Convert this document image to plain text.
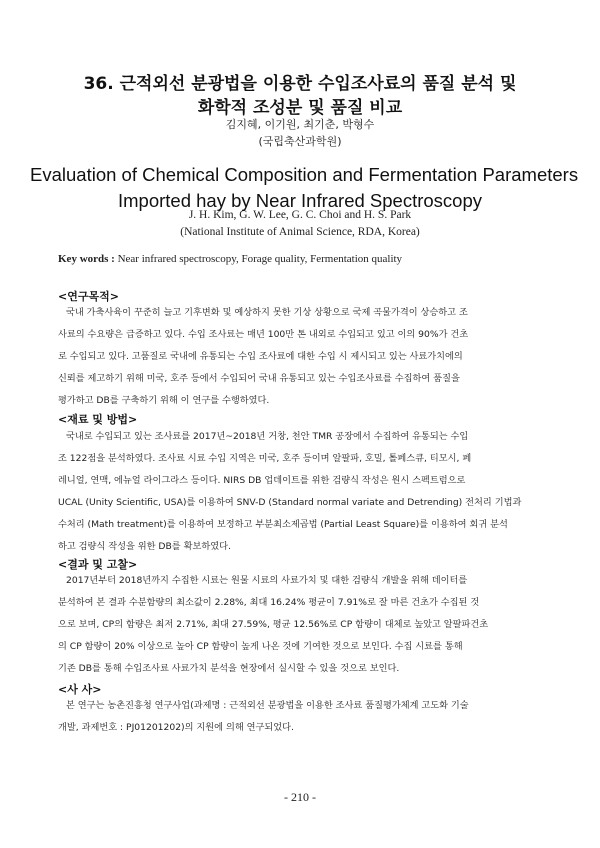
36. 근적외선 분광법을 이용한 수입조사료의 품질 분석 및
화학적 조성분 및 품질 비교
김지혜, 이기원, 최기춘, 박형수
(국립축산과학원)
Evaluation of Chemical Composition and Fermentation Parameters
Imported hay by Near Infrared Spectroscopy
J. H. Kim, G. W. Lee, G. C. Choi and H. S. Park
(National Institute of Animal Science, RDA, Korea)
Key words : Near infrared spectroscopy, Forage quality, Fermentation quality
<연구목적>
국내 가축사육이 꾸준히 늘고 기후변화 및 예상하지 못한 기상 상황으로 국제 곡물가격이 상승하고 조
사료의 수요량은 급증하고 있다. 수입 조사료는 매년 100만 톤 내외로 수입되고 있고 이의 90%가 건초
로 수입되고 있다. 고품질로 국내에 유통되는 수입 조사료에 대한 수입 시 제시되고 있는 사료가치에의
신뢰를 제고하기 위해 미국, 호주 등에서 수입되어 국내 유통되고 있는 수입조사료를 수집하여 품질을
평가하고 DB를 구축하기 위해 이 연구를 수행하였다.
<재료 및 방법>
국내로 수입되고 있는 조사료를 2017년~2018년 거창, 천안 TMR 공장에서 수집하여 유통되는 수입
조 122점을 분석하였다. 조사료 시료 수입 지역은 미국, 호주 등이며 알팔파, 호밀, 톨페스큐, 티모시, 페
레니얼, 연맥, 에뉴얼 라이그라스 등이다. NIRS DB 업데이트를 위한 검량식 작성은 원시 스펙트럼으로
UCAL (Unity Scientific, USA)를 이용하여 SNV-D (Standard normal variate and Detrending) 전처리 기법과
수처리 (Math treatment)를 이용하여 보정하고 부분최소제곱법 (Partial Least Square)를 이용하여 회귀 분석
하고 검량식 작성을 위한 DB를 확보하였다.
<결과 및 고찰>
2017년부터 2018년까지 수집한 시료는 원물 시료의 사료가치 및 대한 검량식 개발을 위해 데이터를
분석하여 본 결과 수분함량의 최소값이 2.28%, 최대 16.24% 평균이 7.91%로 잘 마른 건초가 수집된 것
으로 보며, CP의 함량은 최저 2.71%, 최대 27.59%, 평균 12.56%로 CP 함량이 대체로 높았고 알팔파건초
의 CP 함량이 20% 이상으로 높아 CP 함량이 높게 나온 것에 기여한 것으로 보인다. 수집 시료를 통해
기존 DB를 통해 수입조사료 사료가치 분석을 현장에서 실시할 수 있을 것으로 보인다.
<사 사>
본 연구는 농촌진흥청 연구사업(과제명 : 근적외선 분광법을 이용한 조사료 품질평가체계 고도화 기술
개발, 과제번호 : PJ01201202)의 지원에 의해 연구되었다.
- 210 -
